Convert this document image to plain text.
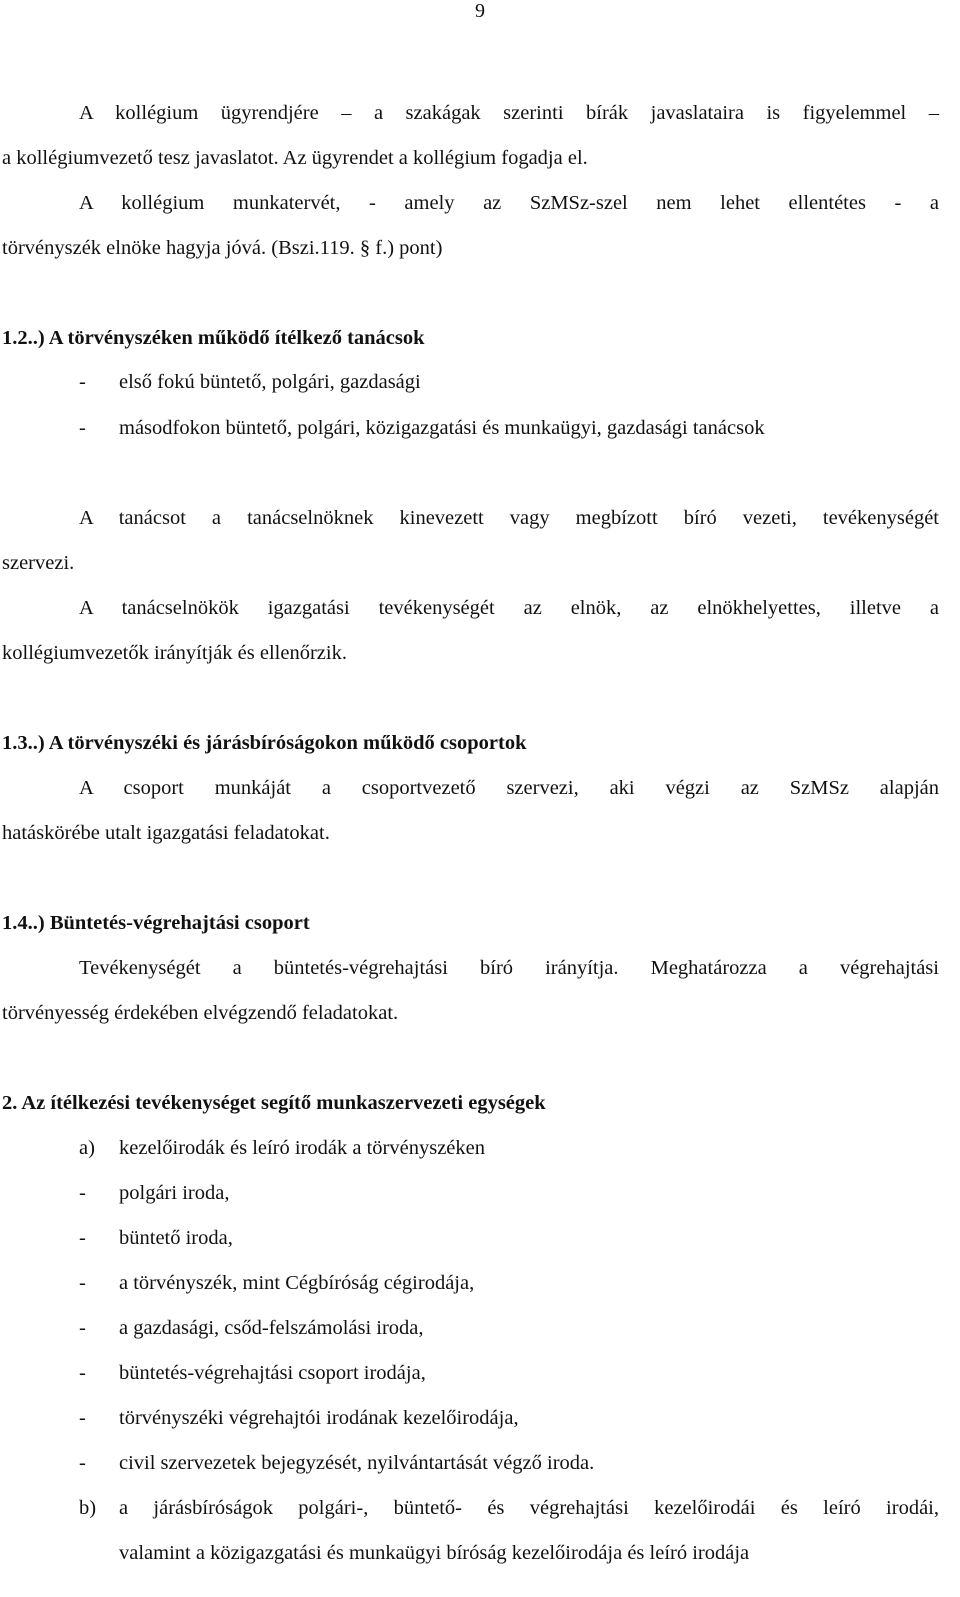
9
A kollégium ügyrendjére – a szakágak szerinti bírák javaslataira is figyelemmel –
a kollégiumvezető tesz javaslatot. Az ügyrendet a kollégium fogadja el.
A kollégium munkatervét, - amely az SzMSz-szel nem lehet ellentétes - a
törvényszék elnöke hagyja jóvá. (Bszi.119. § f.) pont)
1.2..) A törvényszéken működő ítélkező tanácsok
- első fokú büntető, polgári, gazdasági
- másodfokon büntető, polgári, közigazgatási és munkaügyi, gazdasági tanácsok
A tanácsot a tanácselnöknek kinevezett vagy megbízott bíró vezeti, tevékenységét
szervezi.
A tanácselnökök igazgatási tevékenységét az elnök, az elnökhelyettes, illetve a
kollégiumvezetők irányítják és ellenőrzik.
1.3..) A törvényszéki és járásbíróságokon működő csoportok
A csoport munkáját a csoportvezető szervezi, aki végzi az SzMSz alapján
hatáskörébe utalt igazgatási feladatokat.
1.4..) Büntetés-végrehajtási csoport
Tevékenységét a büntetés-végrehajtási bíró irányítja. Meghatározza a végrehajtási
törvényesség érdekében elvégzendő feladatokat.
2. Az ítélkezési tevékenységet segítő munkaszervezeti egységek
a) kezelőirodák és leíró irodák a törvényszéken
- polgári iroda,
- büntető iroda,
- a törvényszék, mint Cégbíróság cégirodája,
- a gazdasági, csőd-felszámolási iroda,
- büntetés-végrehajtási csoport irodája,
- törvényszéki végrehajtói irodának kezelőirodája,
- civil szervezetek bejegyzését, nyilvántartását végző iroda.
b) a járásbíróságok polgári-, büntető- és végrehajtási kezelőirodái és leíró irodái,
valamint a közigazgatási és munkaügyi bíróság kezelőirodája és leíró irodája
